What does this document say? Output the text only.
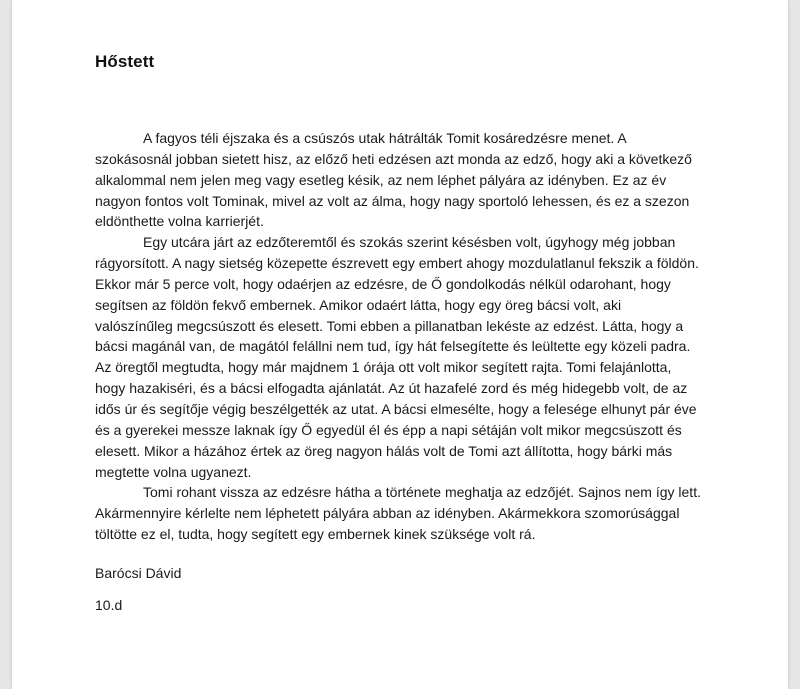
Hőstett

A fagyos téli éjszaka és a csúszós utak hátrálták Tomit kosáredzésre menet. A szokásosnál jobban sietett hisz, az előző heti edzésen azt monda az edző, hogy aki a következő alkalommal nem jelen meg vagy esetleg késik, az nem léphet pályára az idényben. Ez az év nagyon fontos volt Tominak, mivel az volt az álma, hogy nagy sportoló lehessen, és ez a szezon eldönthette volna karrierjét.

Egy utcára járt az edzőteremtől és szokás szerint késésben volt, úgyhogy még jobban rágyorsított. A nagy sietség közepette észrevett egy embert ahogy mozdulatlanul fekszik a földön. Ekkor már 5 perce volt, hogy odaérjen az edzésre, de Ő gondolkodás nélkül odarohant, hogy segítsen az földön fekvő embernek. Amikor odaért látta, hogy egy öreg bácsi volt, aki valószínűleg megcsúszott és elesett. Tomi ebben a pillanatban lekéste az edzést. Látta, hogy a bácsi magánál van, de magától felállni nem tud, így hát felsegítette és leültette egy közeli padra. Az öregtől megtudta, hogy már majdnem 1 órája ott volt mikor segített rajta. Tomi felajánlotta, hogy hazakiséri, és a bácsi elfogadta ajánlatát. Az út hazafelé zord és még hidegebb volt, de az idős úr és segítője végig beszélgették az utat. A bácsi elmesélte, hogy a felesége elhunyt pár éve és a gyerekei messze laknak így Ő egyedül él és épp a napi sétáján volt mikor megcsúszott és elesett. Mikor a házához értek az öreg nagyon hálás volt de Tomi azt állította, hogy bárki más megtette volna ugyanezt.

Tomi rohant vissza az edzésre hátha a története meghatja az edzőjét. Sajnos nem így lett. Akármennyire kérlelte nem léphetett pályára abban az idényben. Akármekkora szomorúsággal töltötte ez el, tudta, hogy segített egy embernek kinek szüksége volt rá.

Barócsi Dávid

10.d
